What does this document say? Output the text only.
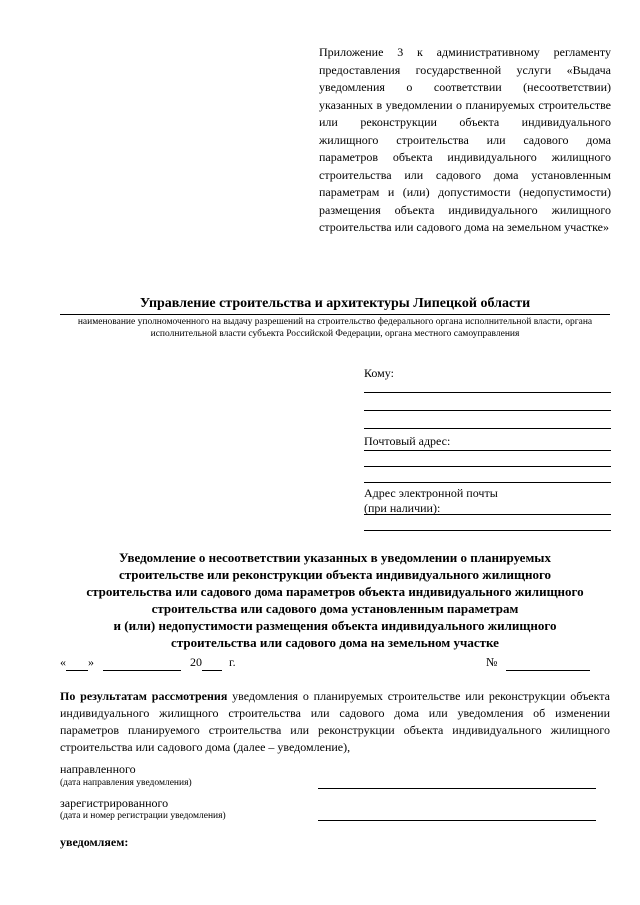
Приложение 3 к административному регламенту предоставления государственной услуги «Выдача уведомления о соответствии (несоответствии) указанных в уведомлении о планируемых строительстве или реконструкции объекта индивидуального жилищного строительства или садового дома параметров объекта индивидуального жилищного строительства или садового дома установленным параметрам и (или) допустимости (недопустимости) размещения объекта индивидуального жилищного строительства или садового дома на земельном участке»
Управление строительства и архитектуры Липецкой области
наименование уполномоченного на выдачу разрешений на строительство федерального органа исполнительной власти, органа исполнительной власти субъекта Российской Федерации, органа местного самоуправления
Кому:
Почтовый адрес:
Адрес электронной почты
(при наличии):
Уведомление о несоответствии указанных в уведомлении о планируемых
строительстве или реконструкции объекта индивидуального жилищного
строительства или садового дома параметров объекта индивидуального жилищного
строительства или садового дома установленным параметрам
и (или) недопустимости размещения объекта индивидуального жилищного
строительства или садового дома на земельном участке
« »	20 г.	№
По результатам рассмотрения уведомления о планируемых строительстве или реконструкции объекта индивидуального жилищного строительства или садового дома или уведомления об изменении параметров планируемого строительства или реконструкции объекта индивидуального жилищного строительства или садового дома (далее – уведомление),
направленного
(дата направления уведомления)
зарегистрированного
(дата и номер регистрации уведомления)
уведомляем:
